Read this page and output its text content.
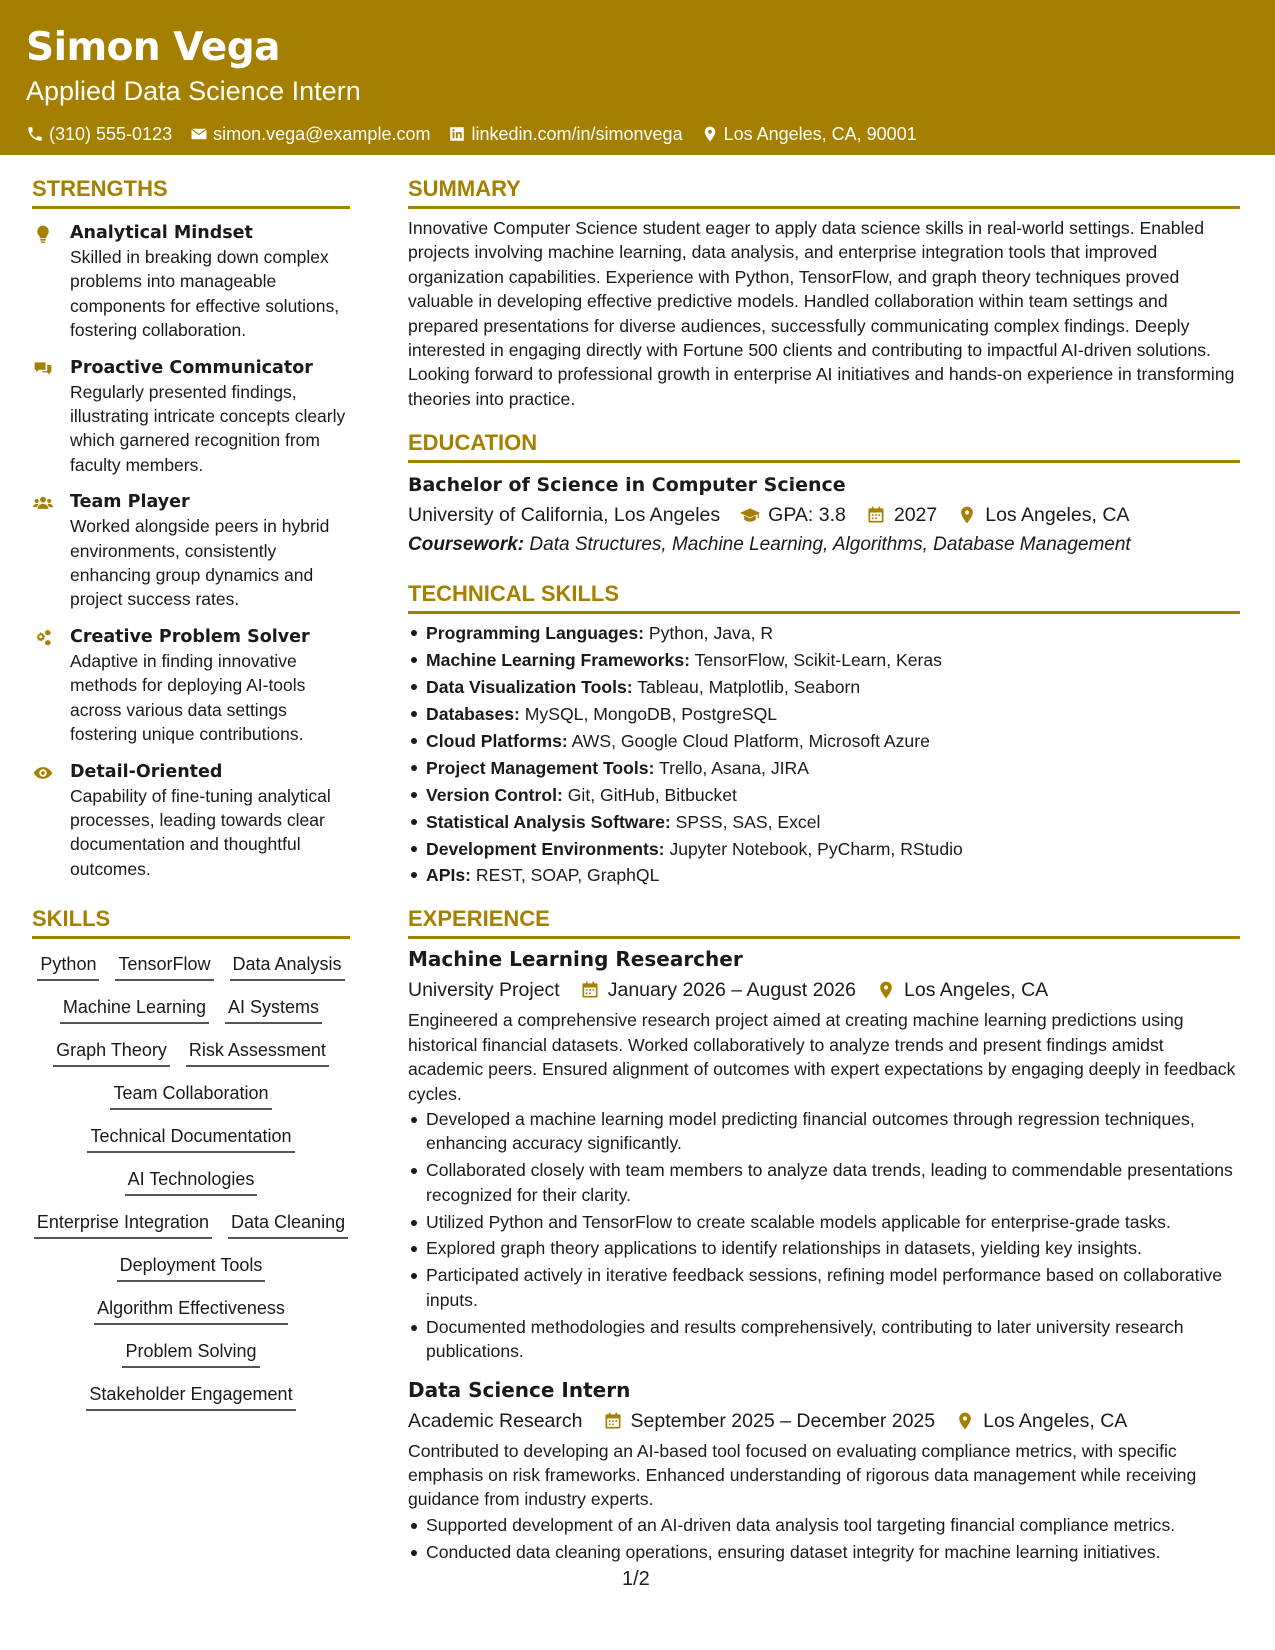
Simon Vega
Applied Data Science Intern
(310) 555-0123 simon.vega@example.com linkedin.com/in/simonvega Los Angeles, CA, 90001
STRENGTHS
Analytical Mindset
Skilled in breaking down complex problems into manageable components for effective solutions, fostering collaboration.
Proactive Communicator
Regularly presented findings, illustrating intricate concepts clearly which garnered recognition from faculty members.
Team Player
Worked alongside peers in hybrid environments, consistently enhancing group dynamics and project success rates.
Creative Problem Solver
Adaptive in finding innovative methods for deploying AI-tools across various data settings fostering unique contributions.
Detail-Oriented
Capability of fine-tuning analytical processes, leading towards clear documentation and thoughtful outcomes.
SKILLS
Python TensorFlow Data Analysis
Machine Learning AI Systems
Graph Theory Risk Assessment
Team Collaboration
Technical Documentation
AI Technologies
Enterprise Integration Data Cleaning
Deployment Tools
Algorithm Effectiveness
Problem Solving
Stakeholder Engagement
SUMMARY
Innovative Computer Science student eager to apply data science skills in real-world settings. Enabled projects involving machine learning, data analysis, and enterprise integration tools that improved organization capabilities. Experience with Python, TensorFlow, and graph theory techniques proved valuable in developing effective predictive models. Handled collaboration within team settings and prepared presentations for diverse audiences, successfully communicating complex findings. Deeply interested in engaging directly with Fortune 500 clients and contributing to impactful AI-driven solutions. Looking forward to professional growth in enterprise AI initiatives and hands-on experience in transforming theories into practice.
EDUCATION
Bachelor of Science in Computer Science
University of California, Los Angeles GPA: 3.8 2027 Los Angeles, CA
Coursework: Data Structures, Machine Learning, Algorithms, Database Management
TECHNICAL SKILLS
Programming Languages: Python, Java, R
Machine Learning Frameworks: TensorFlow, Scikit-Learn, Keras
Data Visualization Tools: Tableau, Matplotlib, Seaborn
Databases: MySQL, MongoDB, PostgreSQL
Cloud Platforms: AWS, Google Cloud Platform, Microsoft Azure
Project Management Tools: Trello, Asana, JIRA
Version Control: Git, GitHub, Bitbucket
Statistical Analysis Software: SPSS, SAS, Excel
Development Environments: Jupyter Notebook, PyCharm, RStudio
APIs: REST, SOAP, GraphQL
EXPERIENCE
Machine Learning Researcher
University Project January 2026 – August 2026 Los Angeles, CA
Engineered a comprehensive research project aimed at creating machine learning predictions using historical financial datasets. Worked collaboratively to analyze trends and present findings amidst academic peers. Ensured alignment of outcomes with expert expectations by engaging deeply in feedback cycles.
Developed a machine learning model predicting financial outcomes through regression techniques, enhancing accuracy significantly.
Collaborated closely with team members to analyze data trends, leading to commendable presentations recognized for their clarity.
Utilized Python and TensorFlow to create scalable models applicable for enterprise-grade tasks.
Explored graph theory applications to identify relationships in datasets, yielding key insights.
Participated actively in iterative feedback sessions, refining model performance based on collaborative inputs.
Documented methodologies and results comprehensively, contributing to later university research publications.
Data Science Intern
Academic Research September 2025 – December 2025 Los Angeles, CA
Contributed to developing an AI-based tool focused on evaluating compliance metrics, with specific emphasis on risk frameworks. Enhanced understanding of rigorous data management while receiving guidance from industry experts.
Supported development of an AI-driven data analysis tool targeting financial compliance metrics.
Conducted data cleaning operations, ensuring dataset integrity for machine learning initiatives.
1/2
